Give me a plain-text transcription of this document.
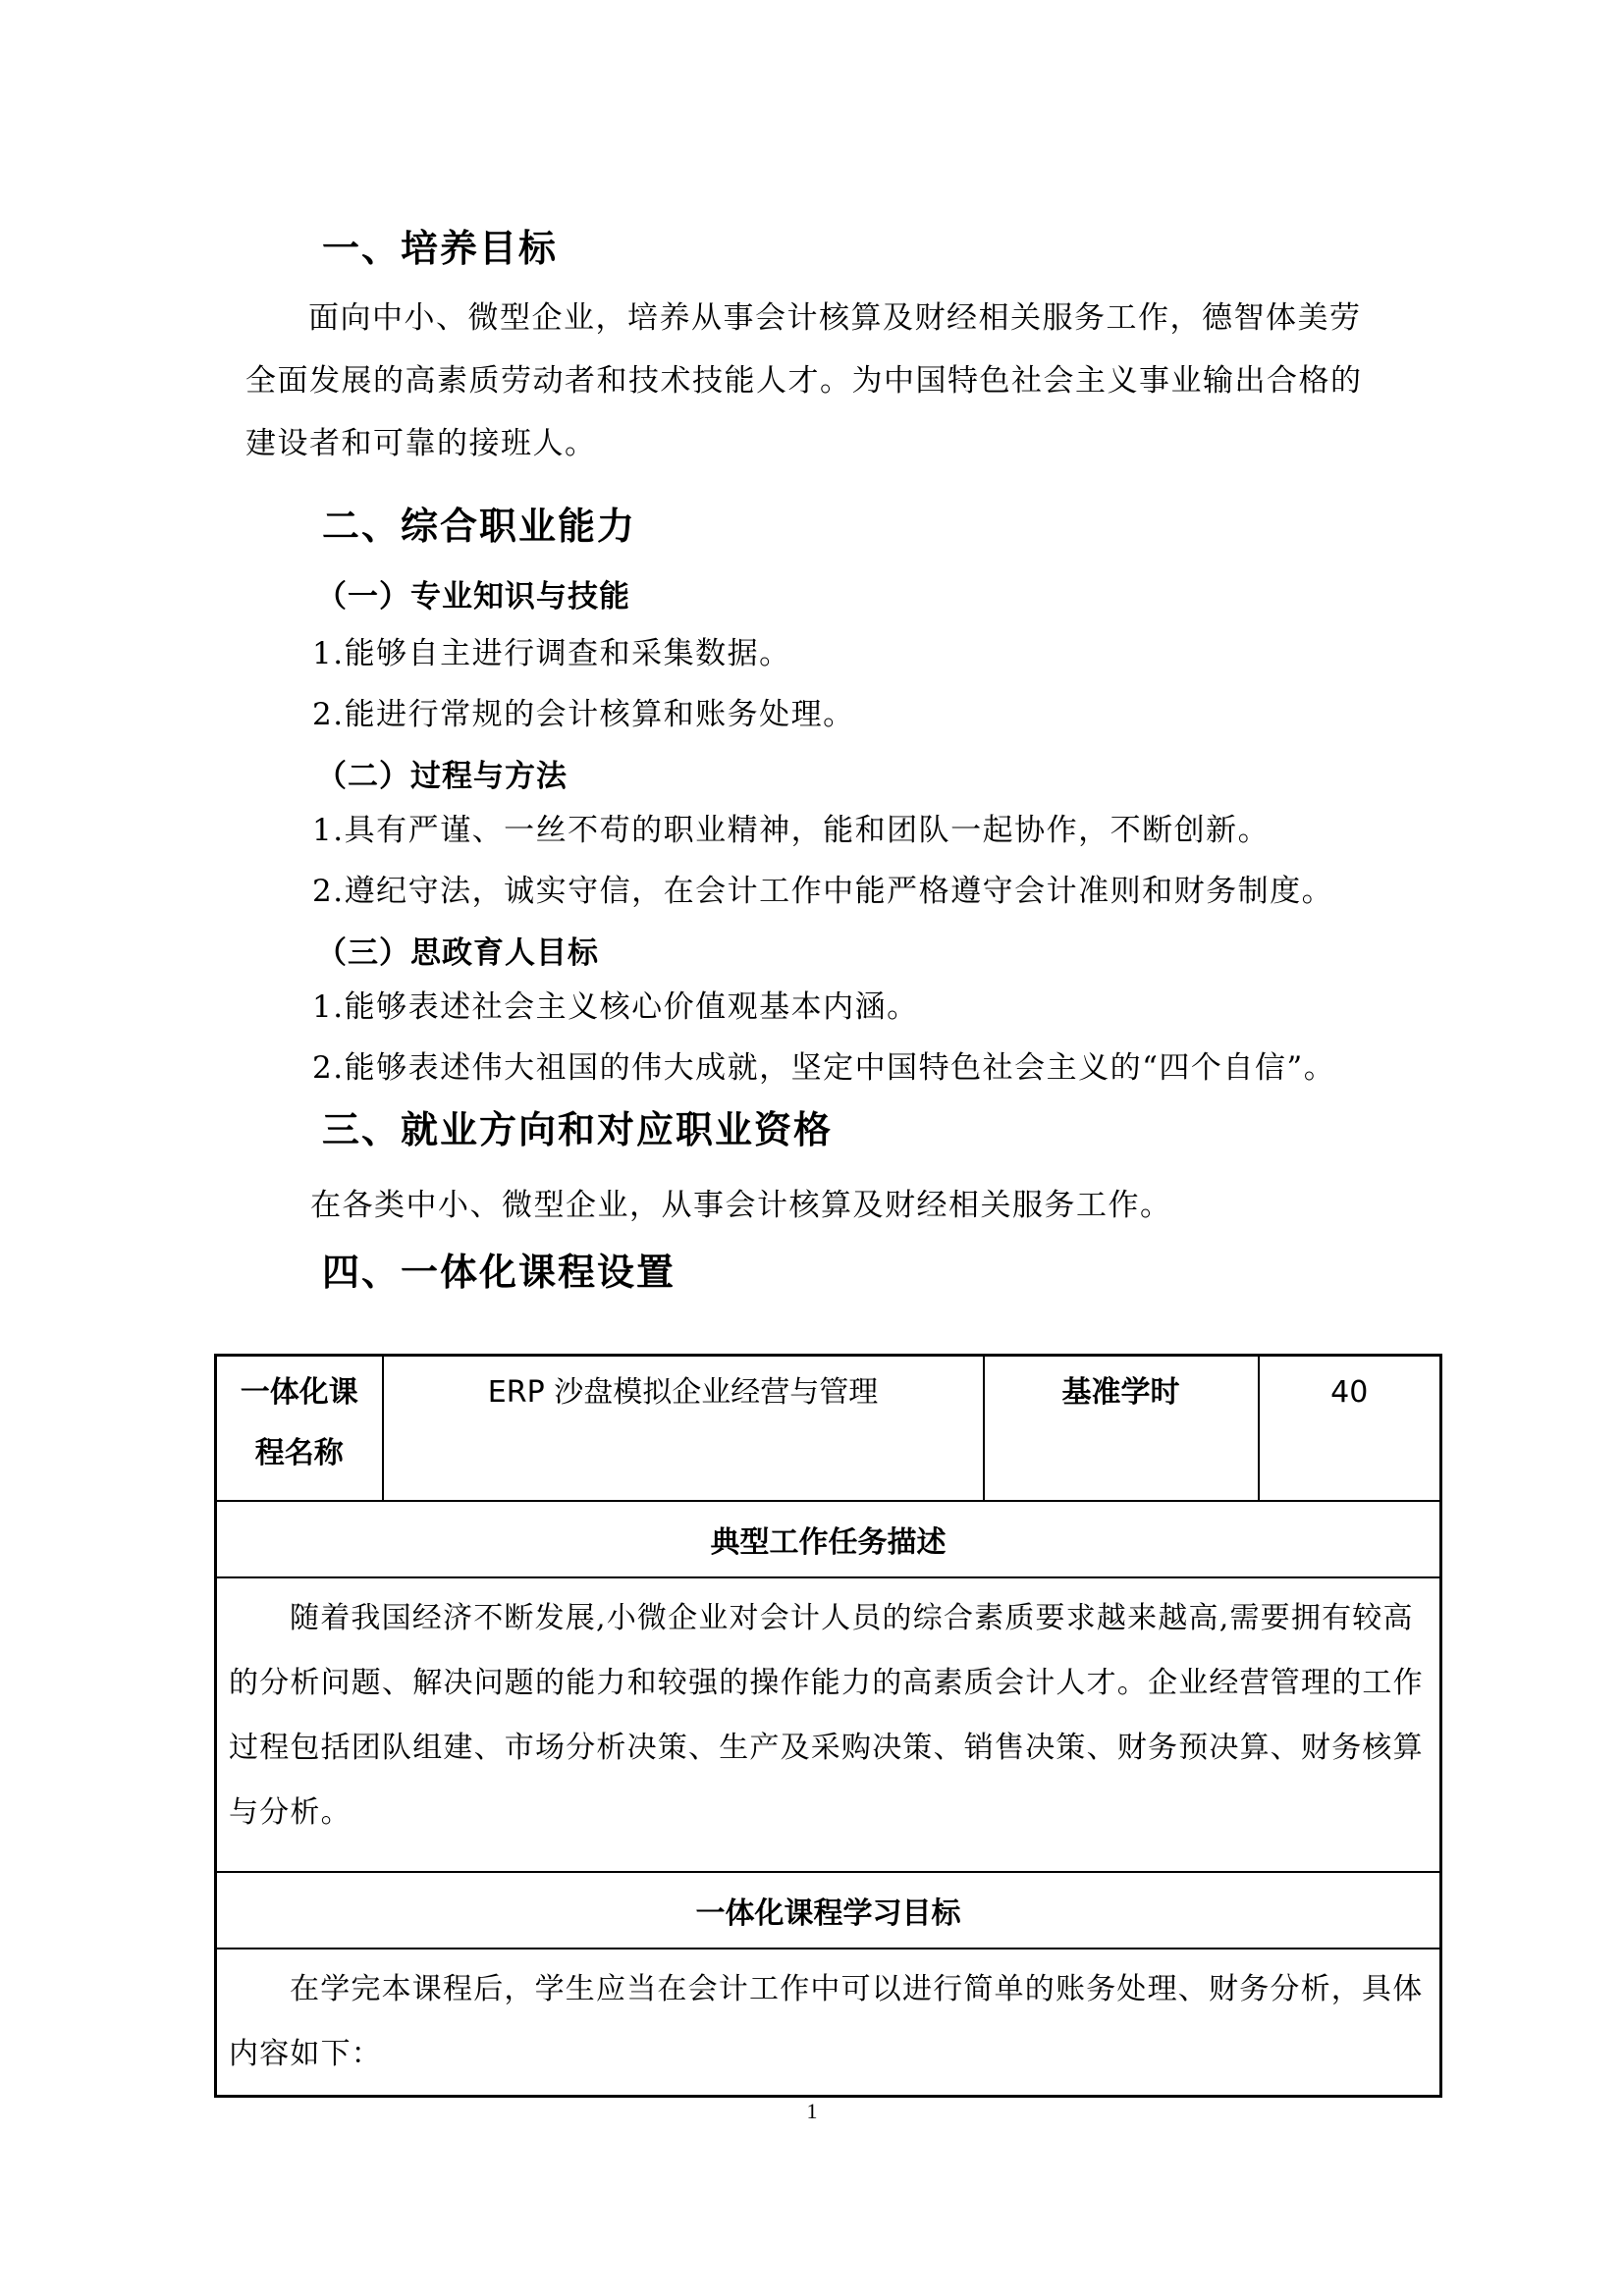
一、培养目标

面向中小、微型企业，培养从事会计核算及财经相关服务工作，德智体美劳全面发展的高素质劳动者和技术技能人才。为中国特色社会主义事业输出合格的建设者和可靠的接班人。

二、综合职业能力
（一）专业知识与技能
1.能够自主进行调查和采集数据。
2.能进行常规的会计核算和账务处理。
（二）过程与方法
1.具有严谨、一丝不苟的职业精神，能和团队一起协作，不断创新。
2.遵纪守法，诚实守信，在会计工作中能严格遵守会计准则和财务制度。
（三）思政育人目标
1.能够表述社会主义核心价值观基本内涵。
2.能够表述伟大祖国的伟大成就，坚定中国特色社会主义的“四个自信”。
三、就业方向和对应职业资格
在各类中小、微型企业，从事会计核算及财经相关服务工作。
四、一体化课程设置
一体化课程名称	ERP 沙盘模拟企业经营与管理	基准学时	40
典型工作任务描述

随着我国经济不断发展,小微企业对会计人员的综合素质要求越来越高,需要拥有较高的分析问题、解决问题的能力和较强的操作能力的高素质会计人才。企业经营管理的工作过程包括团队组建、市场分析决策、生产及采购决策、销售决策、财务预决算、财务核算与分析。

一体化课程学习目标

在学完本课程后，学生应当在会计工作中可以进行简单的账务处理、财务分析，具体内容如下：

1
